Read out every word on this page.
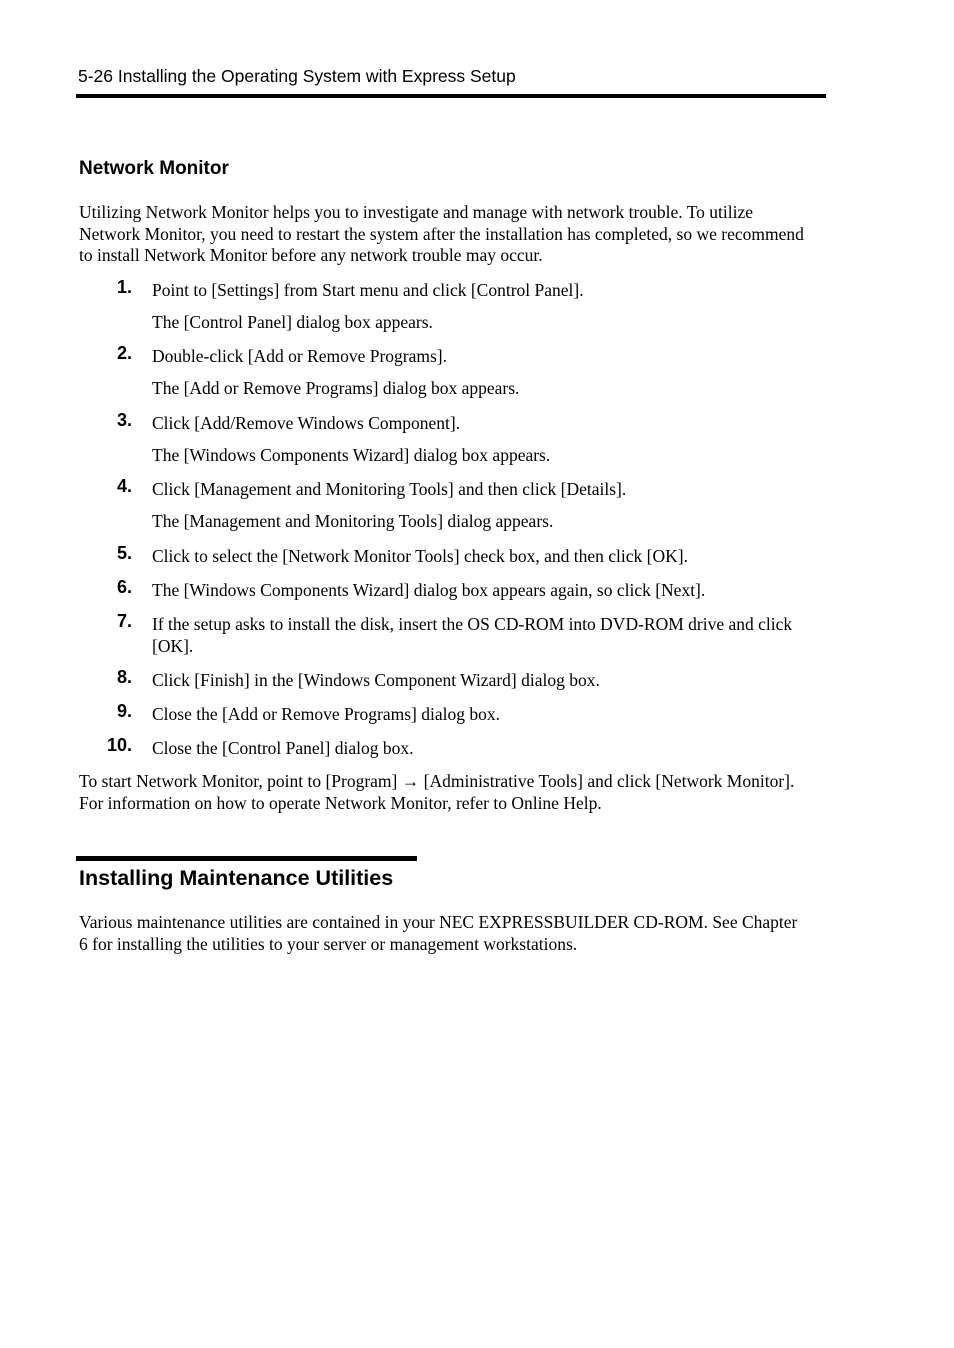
5-26 Installing the Operating System with Express Setup
Network Monitor

Utilizing Network Monitor helps you to investigate and manage with network trouble. To utilize Network Monitor, you need to restart the system after the installation has completed, so we recommend to install Network Monitor before any network trouble may occur.

1. Point to [Settings] from Start menu and click [Control Panel].
The [Control Panel] dialog box appears.
2. Double-click [Add or Remove Programs].
The [Add or Remove Programs] dialog box appears.
3. Click [Add/Remove Windows Component].
The [Windows Components Wizard] dialog box appears.
4. Click [Management and Monitoring Tools] and then click [Details].
The [Management and Monitoring Tools] dialog appears.
5. Click to select the [Network Monitor Tools] check box, and then click [OK].
6. The [Windows Components Wizard] dialog box appears again, so click [Next].
7. If the setup asks to install the disk, insert the OS CD-ROM into DVD-ROM drive and click [OK].
8. Click [Finish] in the [Windows Component Wizard] dialog box.
9. Close the [Add or Remove Programs] dialog box.
10. Close the [Control Panel] dialog box.

To start Network Monitor, point to [Program] → [Administrative Tools] and click [Network Monitor]. For information on how to operate Network Monitor, refer to Online Help.

Installing Maintenance Utilities

Various maintenance utilities are contained in your NEC EXPRESSBUILDER CD-ROM. See Chapter 6 for installing the utilities to your server or management workstations.
